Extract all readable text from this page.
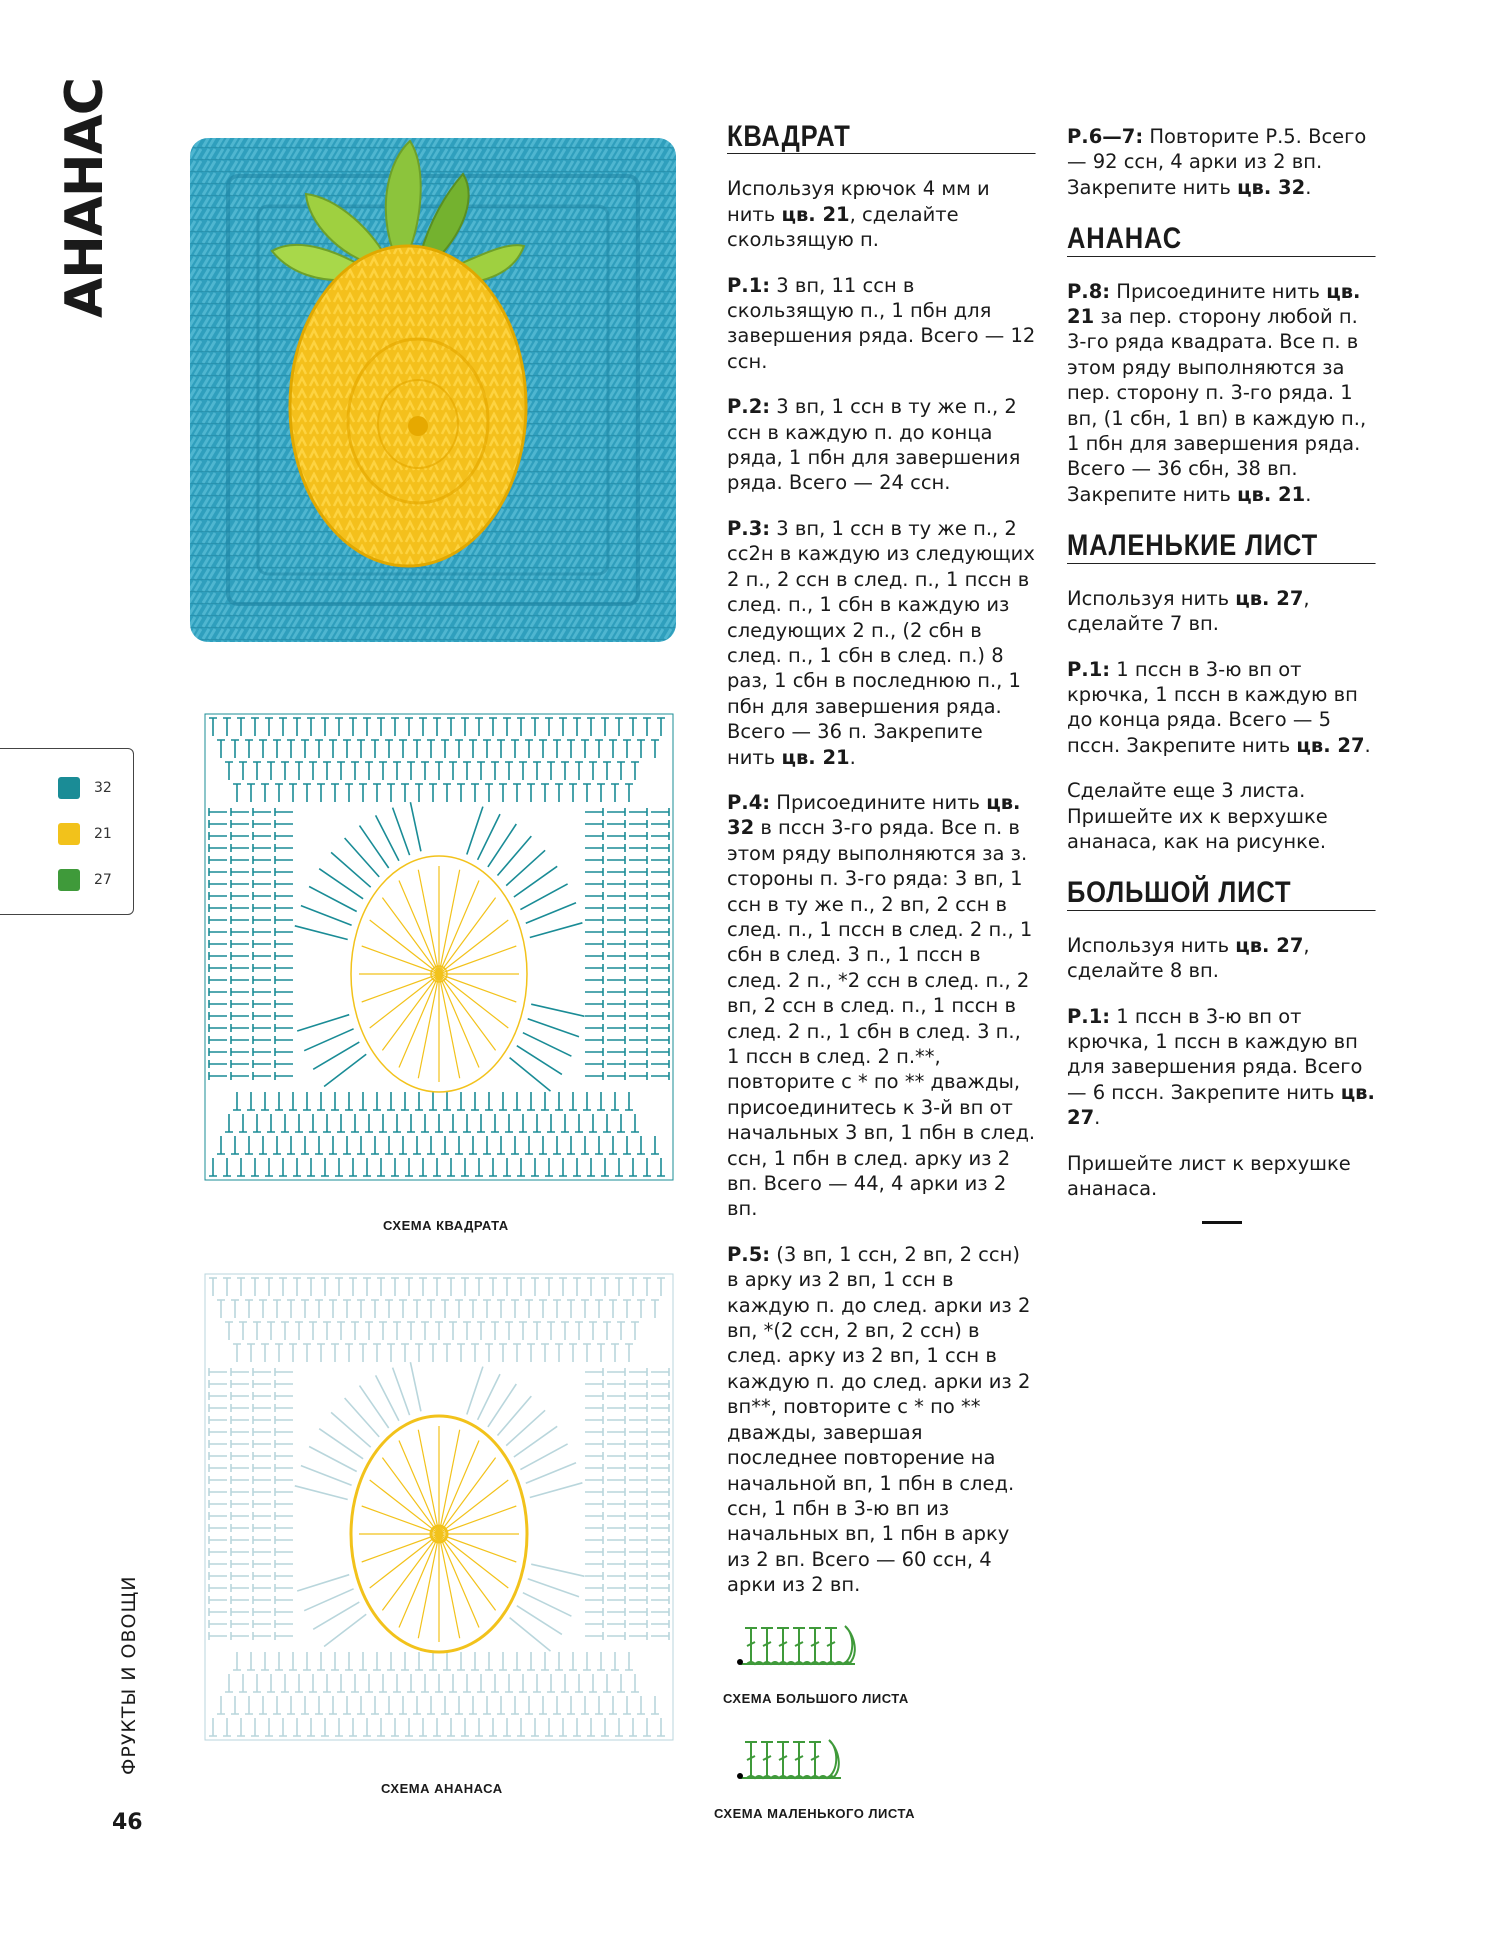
АНАНАС
32
21
27
СХЕМА КВАДРАТА
СХЕМА АНАНАСА
СХЕМА БОЛЬШОГО ЛИСТА
СХЕМА МАЛЕНЬКОГО ЛИСТА
КВАДРАТ

Используя крючок 4 мм и нить цв. 21, сделайте скользящую п.

Р.1: 3 вп, 11 ссн в скользящую п., 1 пбн для завершения ряда. Всего — 12 ссн.

Р.2: 3 вп, 1 ссн в ту же п., 2 ссн в каждую п. до конца ряда, 1 пбн для завершения ряда. Всего — 24 ссн.

Р.3: 3 вп, 1 ссн в ту же п., 2 сс2н в каждую из следующих 2 п., 2 ссн в след. п., 1 пссн в след. п., 1 сбн в каждую из следующих 2 п., (2 сбн в след. п., 1 сбн в след. п.) 8 раз, 1 сбн в последнюю п., 1 пбн для завершения ряда. Всего — 36 п. Закрепите нить цв. 21.

Р.4: Присоедините нить цв. 32 в пссн 3-го ряда. Все п. в этом ряду выполняются за з. стороны п. 3-го ряда: 3 вп, 1 ссн в ту же п., 2 вп, 2 ссн в след. п., 1 пссн в след. 2 п., 1 сбн в след. 3 п., 1 пссн в след. 2 п., *2 ссн в след. п., 2 вп, 2 ссн в след. п., 1 пссн в след. 2 п., 1 сбн в след. 3 п., 1 пссн в след. 2 п.**, повторите с * по ** дважды, присоединитесь к 3-й вп от начальных 3 вп, 1 пбн в след. ссн, 1 пбн в след. арку из 2 вп. Всего — 44, 4 арки из 2 вп.

Р.5: (3 вп, 1 ссн, 2 вп, 2 ссн) в арку из 2 вп, 1 ссн в каждую п. до след. арки из 2 вп, *(2 ссн, 2 вп, 2 ссн) в след. арку из 2 вп, 1 ссн в каждую п. до след. арки из 2 вп**, повторите с * по ** дважды, завершая последнее повторение на начальной вп, 1 пбн в след. ссн, 1 пбн в 3-ю вп из начальных вп, 1 пбн в арку из 2 вп. Всего — 60 ссн, 4 арки из 2 вп.

Р.6—7: Повторите Р.5. Всего — 92 ссн, 4 арки из 2 вп. Закрепите нить цв. 32.

АНАНАС

Р.8: Присоедините нить цв. 21 за пер. сторону любой п. 3-го ряда квадрата. Все п. в этом ряду выполняются за пер. сторону п. 3-го ряда. 1 вп, (1 сбн, 1 вп) в каждую п., 1 пбн для завершения ряда. Всего — 36 сбн, 38 вп. Закрепите нить цв. 21.

МАЛЕНЬКИЕ ЛИСТ

Используя нить цв. 27, сделайте 7 вп.

Р.1: 1 пссн в 3-ю вп от крючка, 1 пссн в каждую вп до конца ряда. Всего — 5 пссн. Закрепите нить цв. 27.

Сделайте еще 3 листа. Пришейте их к верхушке ананаса, как на рисунке.

БОЛЬШОЙ ЛИСТ

Используя нить цв. 27, сделайте 8 вп.

Р.1: 1 пссн в 3-ю вп от крючка, 1 пссн в каждую вп для завершения ряда. Всего — 6 пссн. Закрепите нить цв. 27.

Пришейте лист к верхушке ананаса.

ФРУКТЫ И ОВОЩИ
46
